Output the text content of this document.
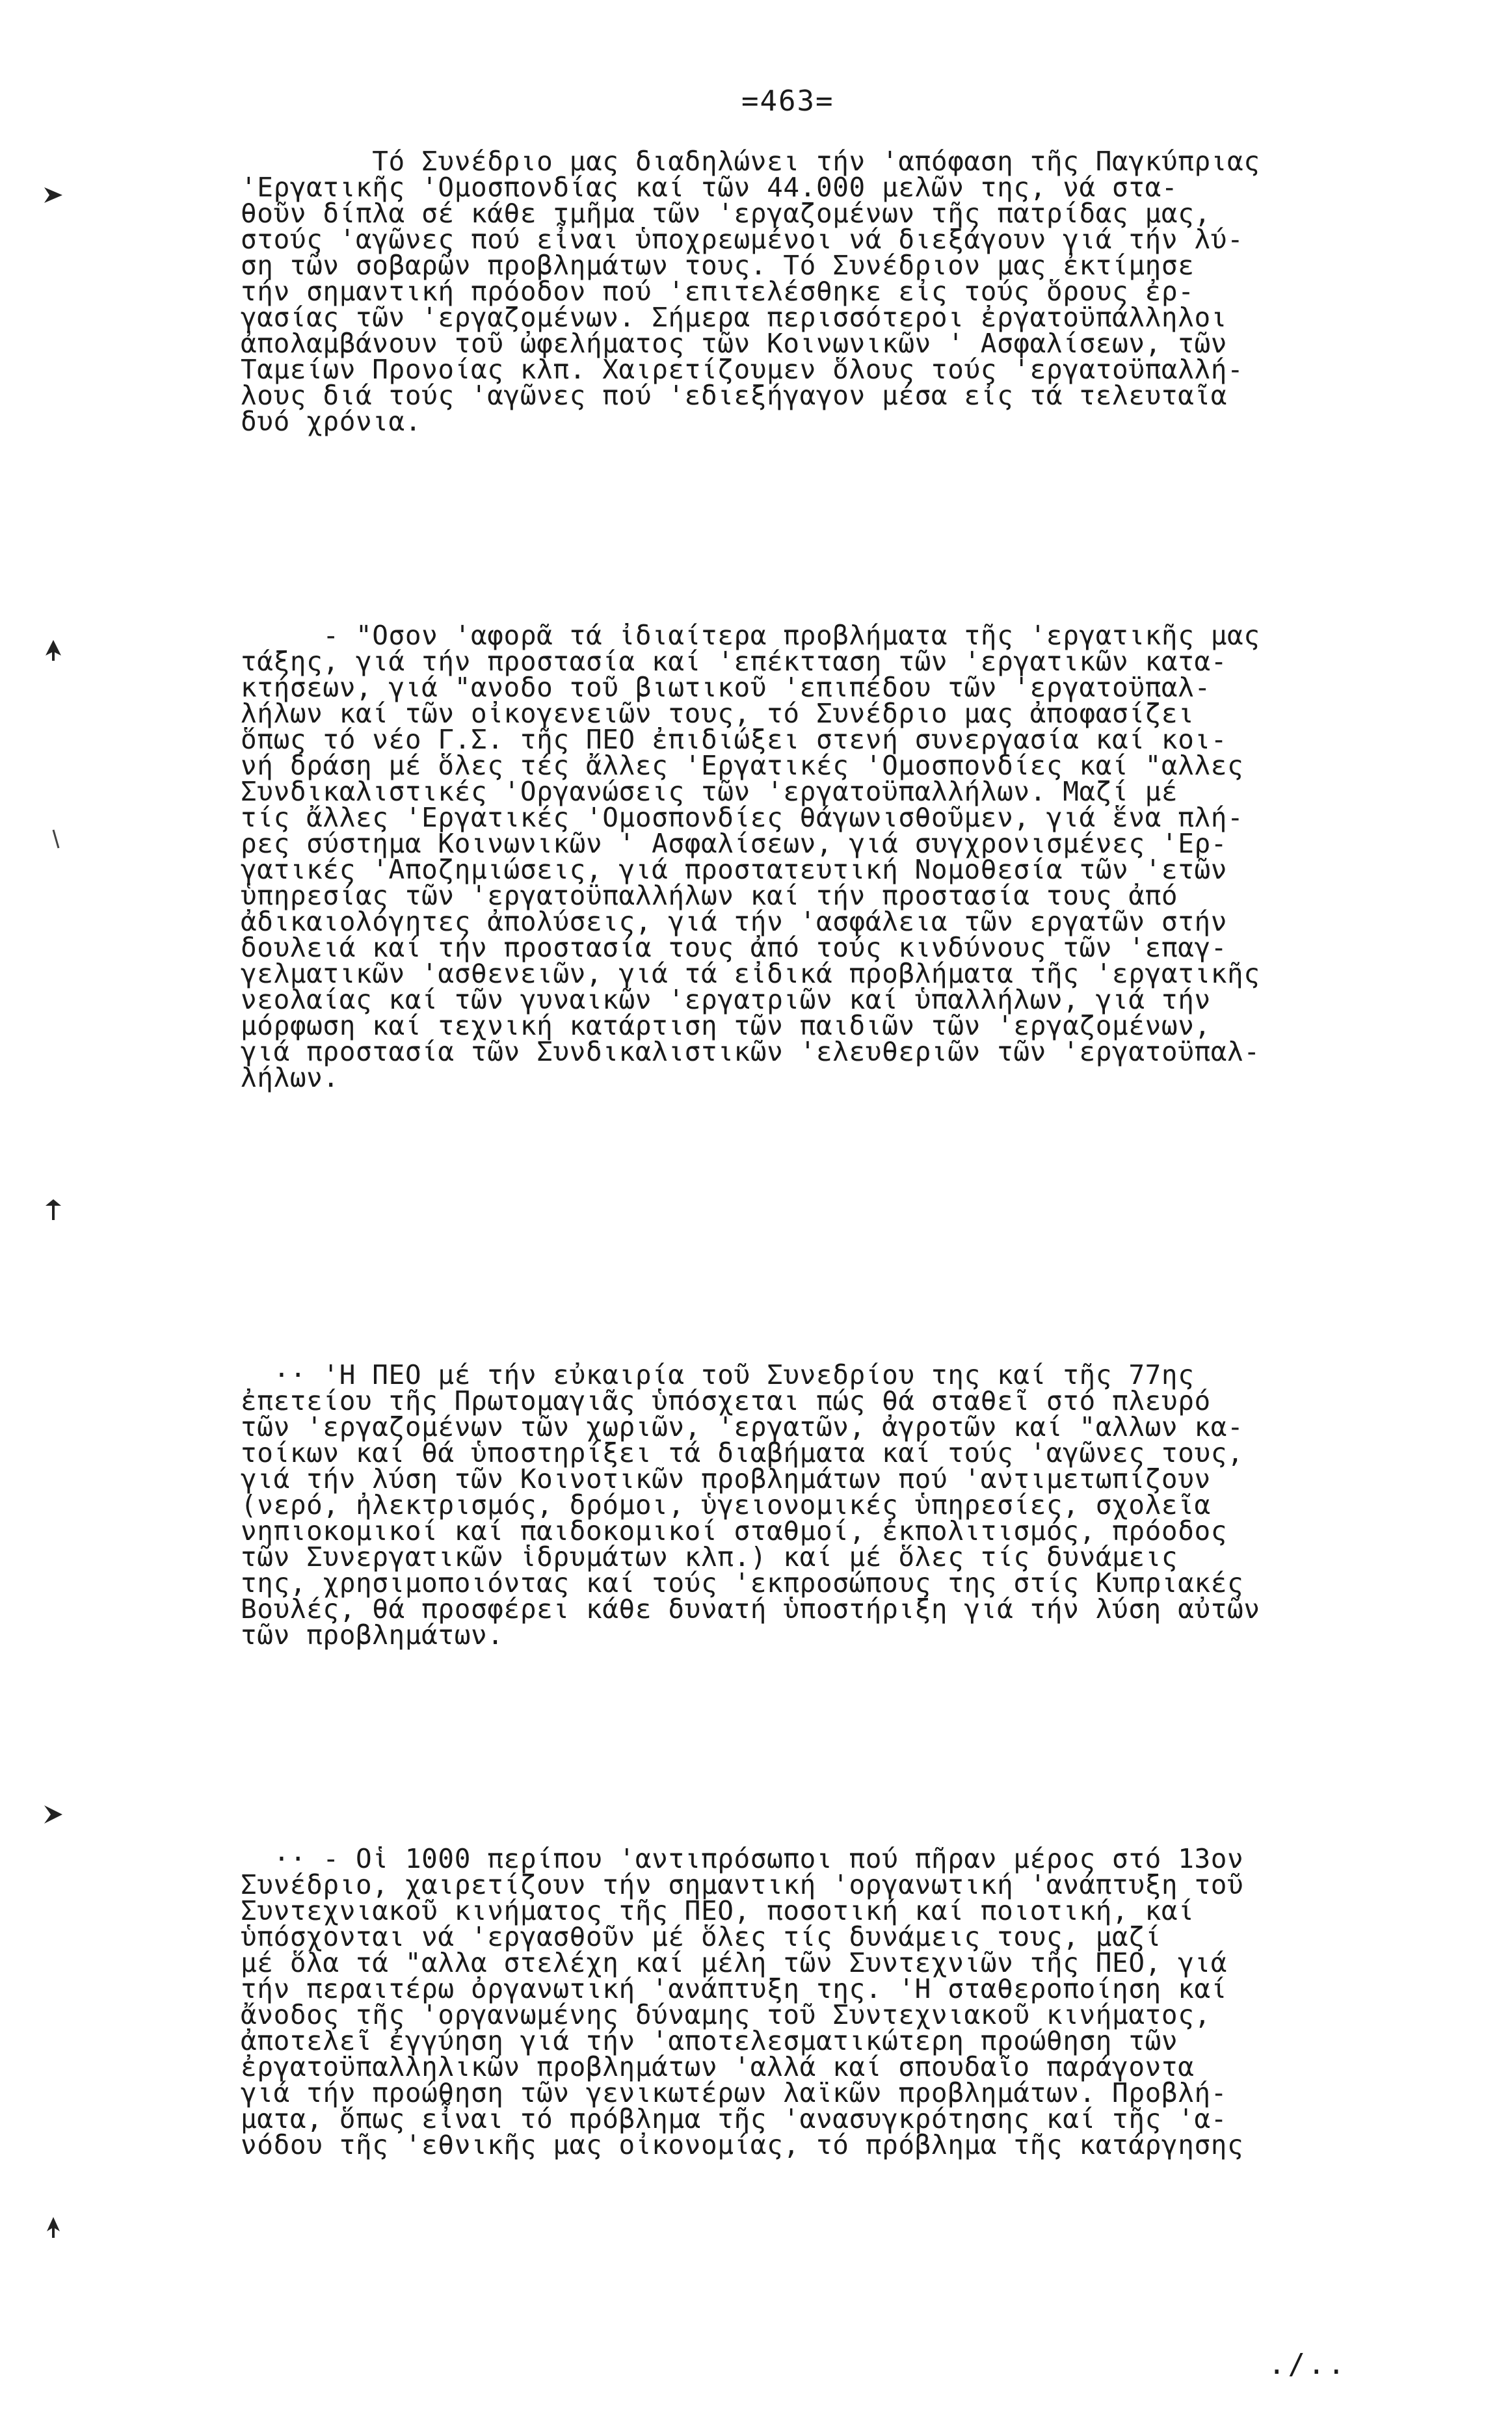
=463=
Τό Συνέδριο μας διαδηλώνει τήν 'απόφαση τῆς Παγκύπριας
'Εργατικῆς 'Ομοσπονδίας καί τῶν 44.000 μελῶν της, νά στα-
θοῦν δίπλα σέ κάθε τμῆμα τῶν 'εργαζομένων τῆς πατρίδας μας,
στούς 'αγῶνες πού εἶναι ὑποχρεωμένοι νά διεξάγουν γιά τήν λύ-
ση τῶν σοβαρῶν προβλημάτων τους. Τό Συνέδριον μας ἐκτίμησε
τήν σημαντική πρόοδον πού 'επιτελέσθηκε εἰς τούς ὅρους ἐρ-
γασίας τῶν 'εργαζομένων. Σήμερα περισσότεροι ἐργατοϋπάλληλοι
ἀπολαμβάνουν τοῦ ὠφελήματος τῶν Κοινωνικῶν ' Ασφαλίσεων, τῶν
Ταμείων Προνοίας κλπ. Χαιρετίζουμεν ὅλους τούς 'εργατοϋπαλλή-
λους διά τούς 'αγῶνες πού 'εδιεξήγαγον μέσα εἰς τά τελευταῖα
δυό χρόνια.
- "Οσον 'αφορᾶ τά ἰδιαίτερα προβλήματα τῆς 'εργατικῆς μας
τάξης, γιά τήν προστασία καί 'επέκτταση τῶν 'εργατικῶν κατα-
κτήσεων, γιά "ανοδο τοῦ βιωτικοῦ 'επιπέδου τῶν 'εργατοϋπαλ-
λήλων καί τῶν οἰκογενειῶν τους, τό Συνέδριο μας ἀποφασίζει
ὅπως τό νέο Γ.Σ. τῆς ΠΕΟ ἐπιδιώξει στενή συνεργασία καί κοι-
νή δράση μέ ὅλες τές ἄλλες 'Εργατικές 'Ομοσπονδίες καί "αλλες
Συνδικαλιστικές 'Οργανώσεις τῶν 'εργατοϋπαλλήλων. Μαζί μέ
τίς ἄλλες 'Εργατικές 'Ομοσπονδίες θάγωνισθοῦμεν, γιά ἕνα πλή-
ρες σύστημα Κοινωνικῶν ' Ασφαλίσεων, γιά συγχρονισμένες 'Ερ-
γατικές 'Αποζημιώσεις, γιά προστατευτική Νομοθεσία τῶν 'ετῶν
ὑπηρεσίας τῶν 'εργατοϋπαλλήλων καί τήν προστασία τους ἀπό
ἀδικαιολόγητες ἀπολύσεις, γιά τήν 'ασφάλεια τῶν εργατῶν στήν
δουλειά καί τήν προστασία τους ἀπό τούς κινδύνους τῶν 'επαγ-
γελματικῶν 'ασθενειῶν, γιά τά εἰδικά προβλήματα τῆς 'εργατικῆς
νεολαίας καί τῶν γυναικῶν 'εργατριῶν καί ὑπαλλήλων, γιά τήν
μόρφωση καί τεχνική κατάρτιση τῶν παιδιῶν τῶν 'εργαζομένων,
γιά προστασία τῶν Συνδικαλιστικῶν 'ελευθεριῶν τῶν 'εργατοϋπαλ-
λήλων.
·· 'Η ΠΕΟ μέ τήν εὐκαιρία τοῦ Συνεδρίου της καί τῆς 77ης
ἐπετείου τῆς Πρωτομαγιᾶς ὑπόσχεται πώς θά σταθεῖ στό πλευρό
τῶν 'εργαζομένων τῶν χωριῶν, 'εργατῶν, ἀγροτῶν καί "αλλων κα-
τοίκων καί θά ὑποστηρίξει τά διαβήματα καί τούς 'αγῶνες τους,
γιά τήν λύση τῶν Κοινοτικῶν προβλημάτων πού 'αντιμετωπίζουν
(νερό, ἠλεκτρισμός, δρόμοι, ὑγειονομικές ὑπηρεσίες, σχολεῖα
νηπιοκομικοί καί παιδοκομικοί σταθμοί, ἐκπολιτισμός, πρόοδος
τῶν Συνεργατικῶν ἱδρυμάτων κλπ.) καί μέ ὅλες τίς δυνάμεις
της, χρησιμοποιόντας καί τούς 'εκπροσώπους της στίς Κυπριακές
Βουλές, θά προσφέρει κάθε δυνατή ὑποστήριξη γιά τήν λύση αὐτῶν
τῶν προβλημάτων.
·· - Οἱ 1000 περίπου 'αντιπρόσωποι πού πῆραν μέρος στό 13ον
Συνέδριο, χαιρετίζουν τήν σημαντική 'οργανωτική 'ανάπτυξη τοῦ
Συντεχνιακοῦ κινήματος τῆς ΠΕΟ, ποσοτική καί ποιοτική, καί
ὑπόσχονται νά 'εργασθοῦν μέ ὅλες τίς δυνάμεις τους, μαζί
μέ ὅλα τά "αλλα στελέχη καί μέλη τῶν Συντεχνιῶν τῆς ΠΕΟ, γιά
τήν περαιτέρω ὀργανωτική 'ανάπτυξη της. 'Η σταθεροποίηση καί
ἄνοδος τῆς 'οργανωμένης δύναμης τοῦ Συντεχνιακοῦ κινήματος,
ἀποτελεῖ ἐγγύηση γιά τήν 'αποτελεσματικώτερη προώθηση τῶν
ἐργατοϋπαλληλικῶν προβλημάτων 'αλλά καί σπουδαῖο παράγοντα
γιά τήν προώθηση τῶν γενικωτέρων λαϊκῶν προβλημάτων. Προβλή-
ματα, ὅπως εἶναι τό πρόβλημα τῆς 'ανασυγκρότησης καί τῆς 'α-
νόδου τῆς 'εθνικῆς μας οἰκονομίας, τό πρόβλημα τῆς κατάργησης
./..
